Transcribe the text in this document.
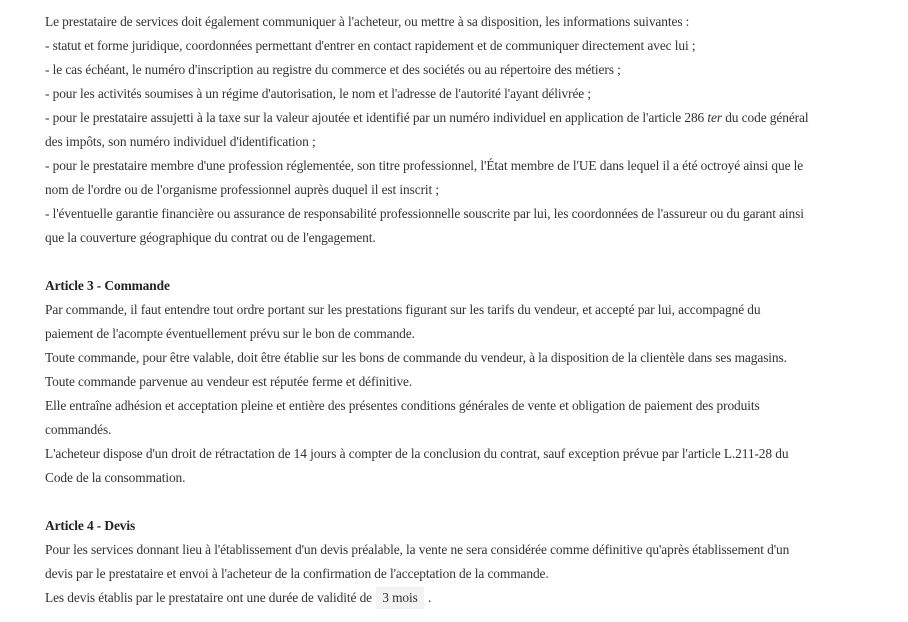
Le prestataire de services doit également communiquer à l'acheteur, ou mettre à sa disposition, les informations suivantes :
- statut et forme juridique, coordonnées permettant d'entrer en contact rapidement et de communiquer directement avec lui ;
- le cas échéant, le numéro d'inscription au registre du commerce et des sociétés ou au répertoire des métiers ;
- pour les activités soumises à un régime d'autorisation, le nom et l'adresse de l'autorité l'ayant délivrée ;
- pour le prestataire assujetti à la taxe sur la valeur ajoutée et identifié par un numéro individuel en application de l'article 286 ter du code général
des impôts, son numéro individuel d'identification ;
- pour le prestataire membre d'une profession réglementée, son titre professionnel, l'État membre de l'UE dans lequel il a été octroyé ainsi que le
nom de l'ordre ou de l'organisme professionnel auprès duquel il est inscrit ;
- l'éventuelle garantie financière ou assurance de responsabilité professionnelle souscrite par lui, les coordonnées de l'assureur ou du garant ainsi
que la couverture géographique du contrat ou de l'engagement.
Article 3 - Commande
Par commande, il faut entendre tout ordre portant sur les prestations figurant sur les tarifs du vendeur, et accepté par lui, accompagné du
paiement de l'acompte éventuellement prévu sur le bon de commande.
Toute commande, pour être valable, doit être établie sur les bons de commande du vendeur, à la disposition de la clientèle dans ses magasins.
Toute commande parvenue au vendeur est réputée ferme et définitive.
Elle entraîne adhésion et acceptation pleine et entière des présentes conditions générales de vente et obligation de paiement des produits
commandés.
L'acheteur dispose d'un droit de rétractation de 14 jours à compter de la conclusion du contrat, sauf exception prévue par l'article L.211-28 du
Code de la consommation.
Article 4 - Devis
Pour les services donnant lieu à l'établissement d'un devis préalable, la vente ne sera considérée comme définitive qu'après établissement d'un
devis par le prestataire et envoi à l'acheteur de la confirmation de l'acceptation de la commande.
Les devis établis par le prestataire ont une durée de validité de 3 mois .
